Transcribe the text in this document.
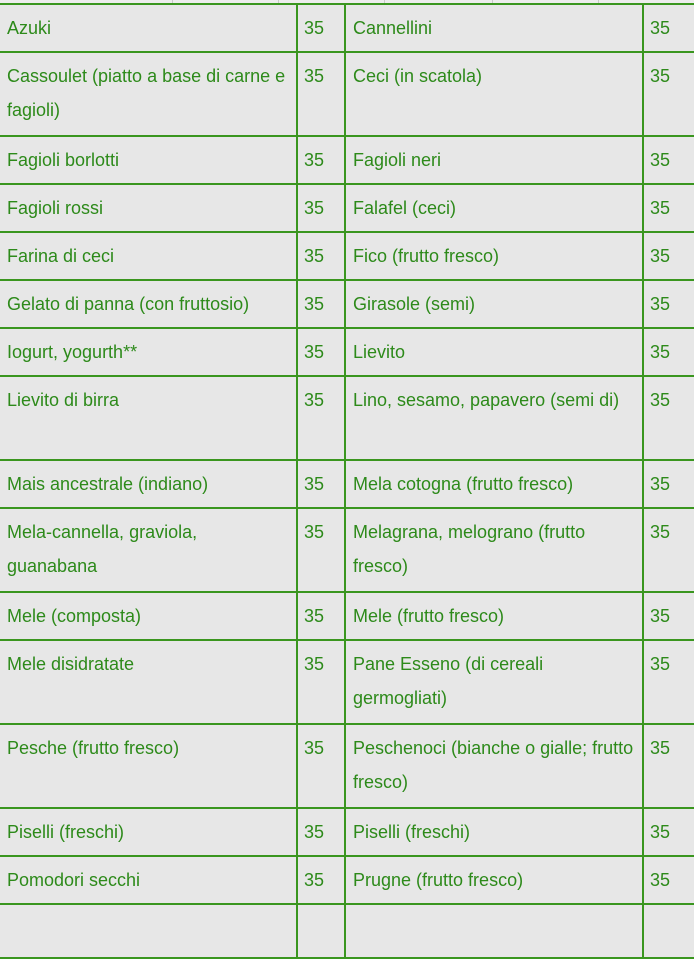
Azuki	35	Cannellini	35
Cassoulet (piatto a base di carne e fagioli)	35	Ceci (in scatola)	35
Fagioli borlotti	35	Fagioli neri	35
Fagioli rossi	35	Falafel (ceci)	35
Farina di ceci	35	Fico (frutto fresco)	35
Gelato di panna (con fruttosio)	35	Girasole (semi)	35
Iogurt, yogurth**	35	Lievito	35
Lievito di birra	35	Lino, sesamo, papavero (semi di)	35
Mais ancestrale (indiano)	35	Mela cotogna (frutto fresco)	35
Mela-cannella, graviola, guanabana	35	Melagrana, melograno (frutto fresco)	35
Mele (composta)	35	Mele (frutto fresco)	35
Mele disidratate	35	Pane Esseno (di cereali germogliati)	35
Pesche (frutto fresco)	35	Peschenoci (bianche o gialle; frutto fresco)	35
Piselli (freschi)	35	Piselli (freschi)	35
Pomodori secchi	35	Prugne (frutto fresco)	35
